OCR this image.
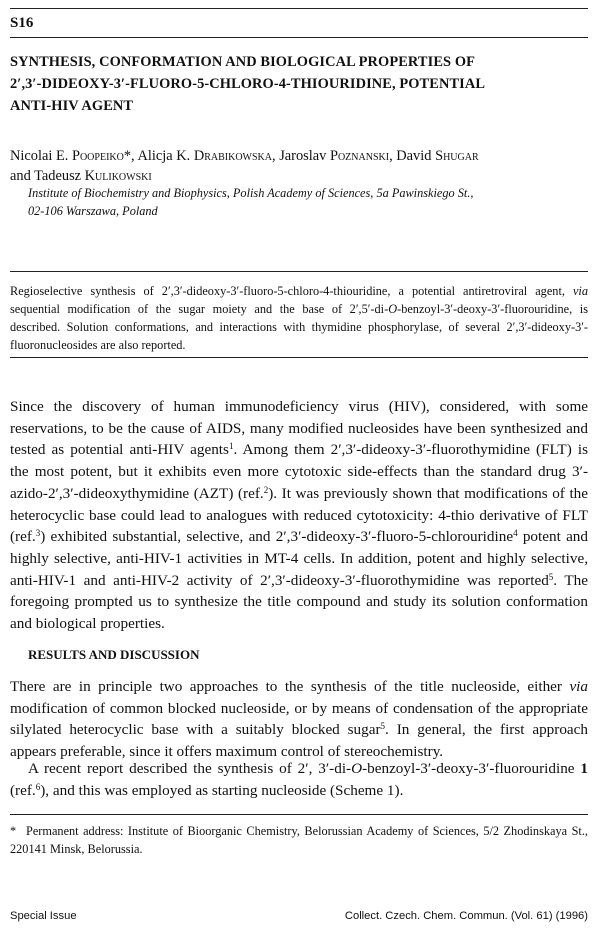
S16
SYNTHESIS, CONFORMATION AND BIOLOGICAL PROPERTIES OF
2′,3′-DIDEOXY-3′-FLUORO-5-CHLORO-4-THIOURIDINE, POTENTIAL
ANTI-HIV AGENT
Nicolai E. Poopeiko*, Alicja K. Drabikowska, Jaroslav Poznanski, David Shugar
and Tadeusz Kulikowski
Institute of Biochemistry and Biophysics, Polish Academy of Sciences, 5a Pawinskiego St.,
02-106 Warszawa, Poland
Regioselective synthesis of 2′,3′-dideoxy-3′-fluoro-5-chloro-4-thiouridine, a potential antiretroviral agent, via sequential modification of the sugar moiety and the base of 2′,5′-di-O-benzoyl-3′-deoxy-3′-fluorouridine, is described. Solution conformations, and interactions with thymidine phosphorylase, of several 2′,3′-dideoxy-3′-fluoronucleosides are also reported.
Since the discovery of human immunodeficiency virus (HIV), considered, with some reservations, to be the cause of AIDS, many modified nucleosides have been synthesized and tested as potential anti-HIV agents$^1$. Among them 2′,3′-dideoxy-3′-fluorothymidine (FLT) is the most potent, but it exhibits even more cytotoxic side-effects than the standard drug 3′-azido-2′,3′-dideoxythymidine (AZT) (ref.$^2$). It was previously shown that modifications of the heterocyclic base could lead to analogues with reduced cytotoxicity: 4-thio derivative of FLT (ref.$^3$) exhibited substantial, selective, and 2′,3′-dideoxy-3′-fluoro-5-chlorouridine$^4$ potent and highly selective, anti-HIV-1 activities in MT-4 cells. In addition, potent and highly selective, anti-HIV-1 and anti-HIV-2 activity of 2′,3′-dideoxy-3′-fluorothymidine was reported$^5$. The foregoing prompted us to synthesize the title compound and study its solution conformation and biological properties.
RESULTS AND DISCUSSION
There are in principle two approaches to the synthesis of the title nucleoside, either via modification of common blocked nucleoside, or by means of condensation of the appropriate silylated heterocyclic base with a suitably blocked sugar$^5$. In general, the first approach appears preferable, since it offers maximum control of stereochemistry.
A recent report described the synthesis of 2′, 3′-di-O-benzoyl-3′-deoxy-3′-fluorouridine 1 (ref.$^6$), and this was employed as starting nucleoside (Scheme 1).
* Permanent address: Institute of Bioorganic Chemistry, Belorussian Academy of Sciences, 5/2 Zhodinskaya St., 220141 Minsk, Belorussia.
Special Issue	Collect. Czech. Chem. Commun. (Vol. 61) (1996)
